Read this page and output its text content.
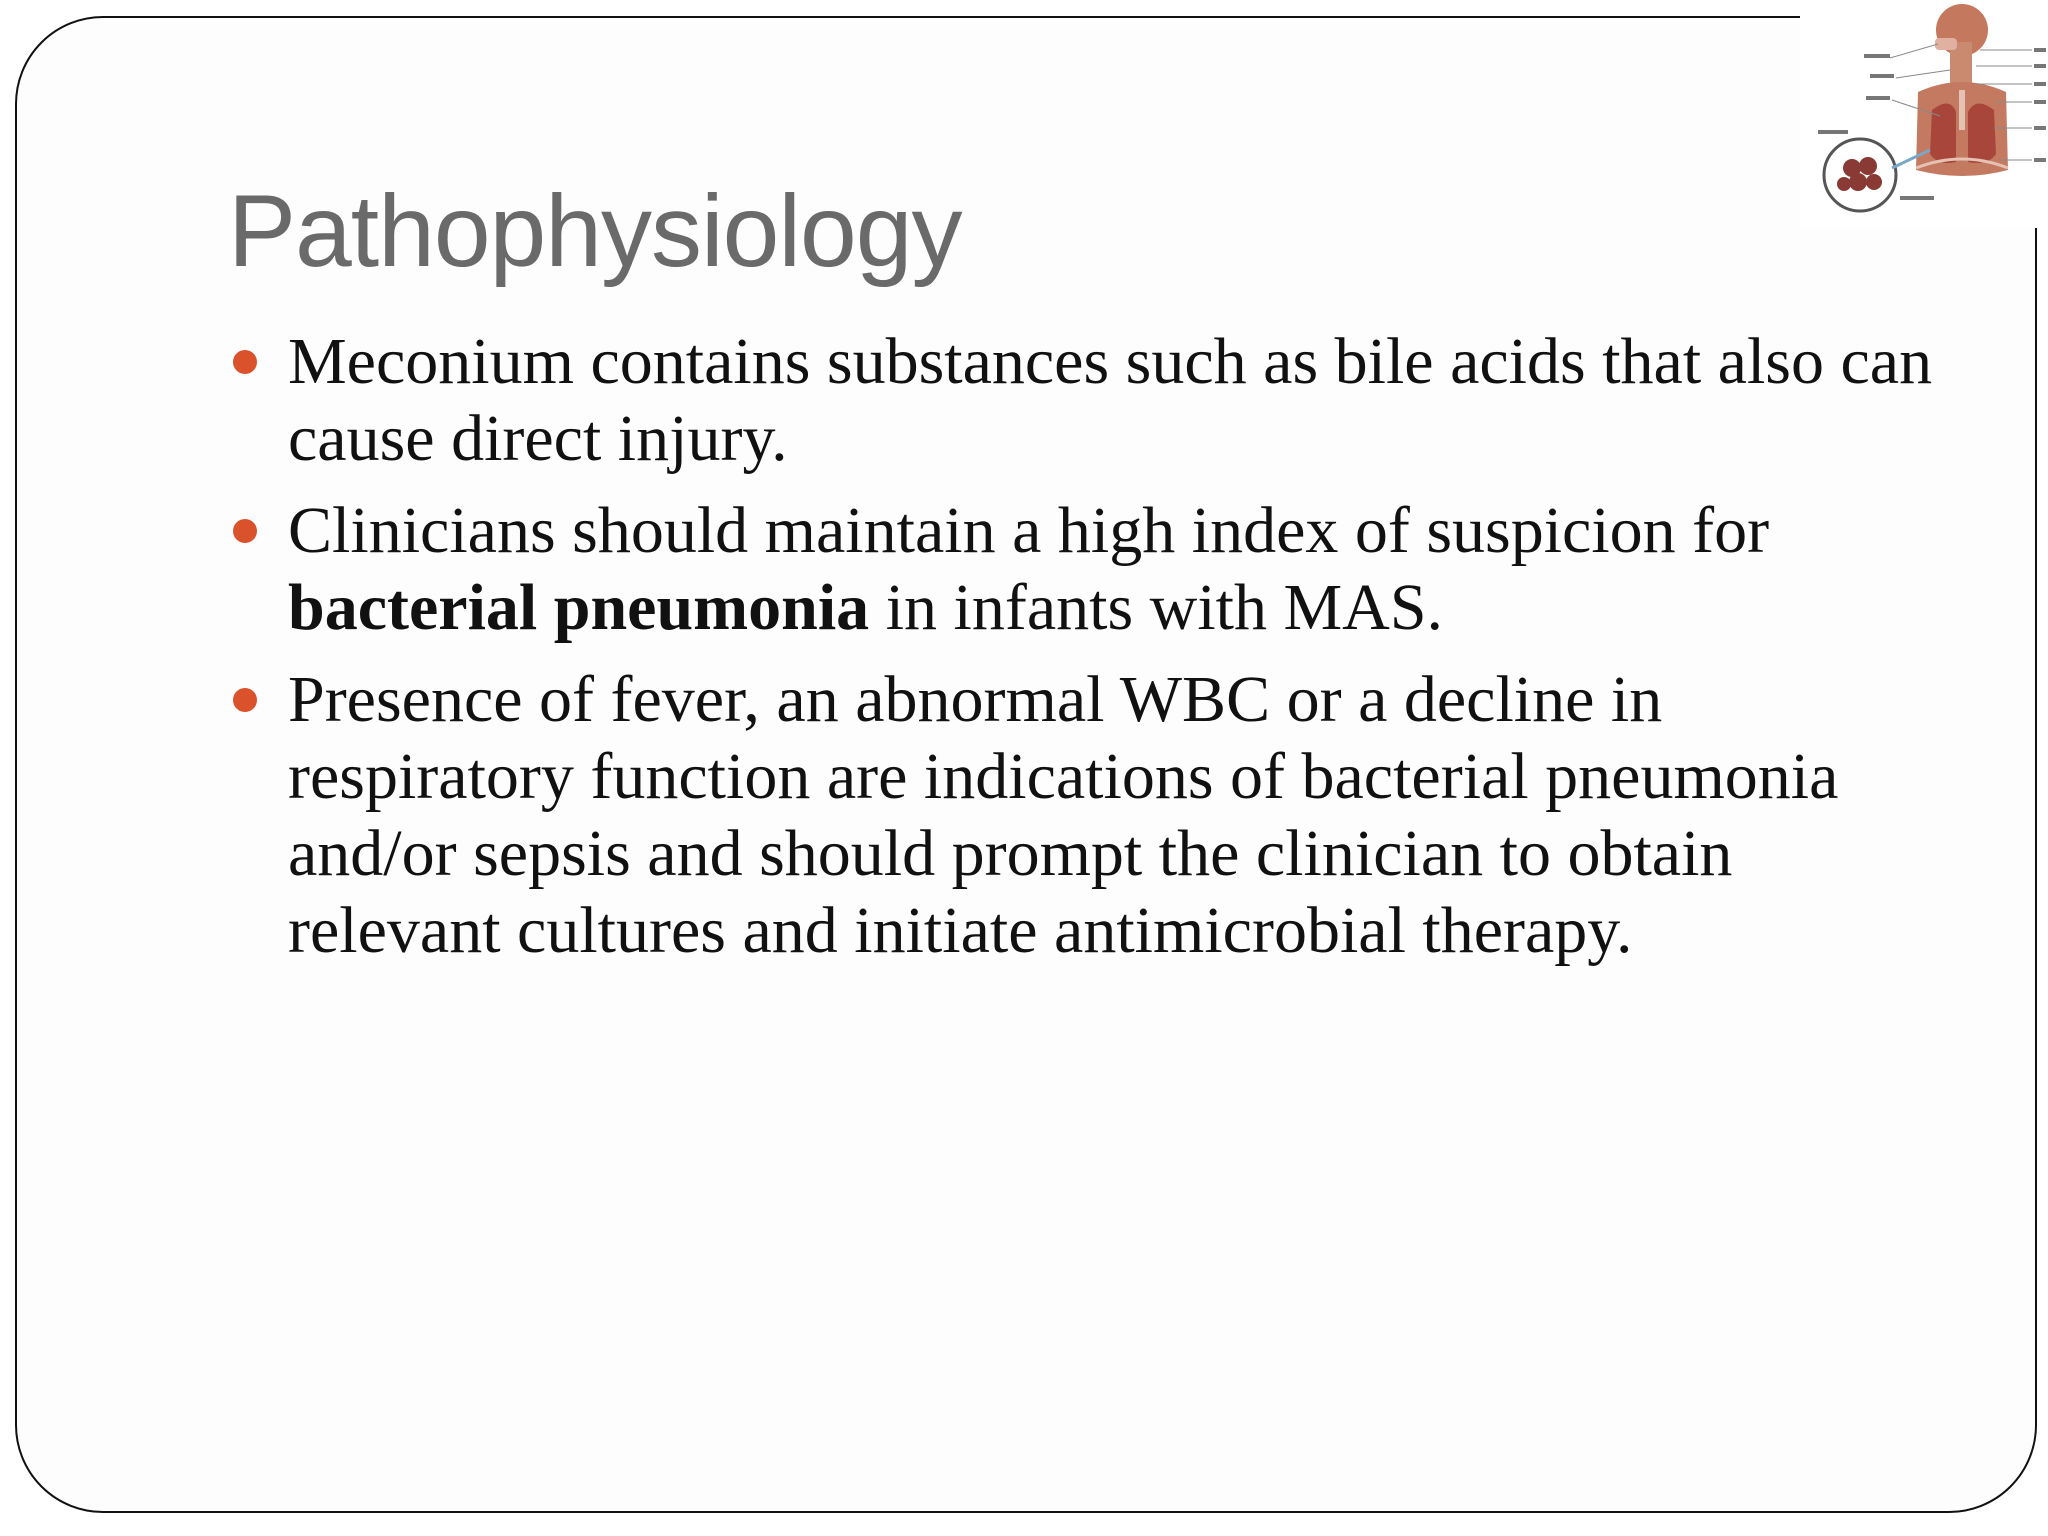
Pathophysiology
Meconium contains substances such as bile acids that also can cause direct injury.
Clinicians should maintain a high index of suspicion for bacterial pneumonia in infants with MAS.
Presence of fever, an abnormal WBC or a decline in respiratory function are indications of bacterial pneumonia and/or sepsis and should prompt the clinician to obtain relevant cultures and initiate antimicrobial therapy.
